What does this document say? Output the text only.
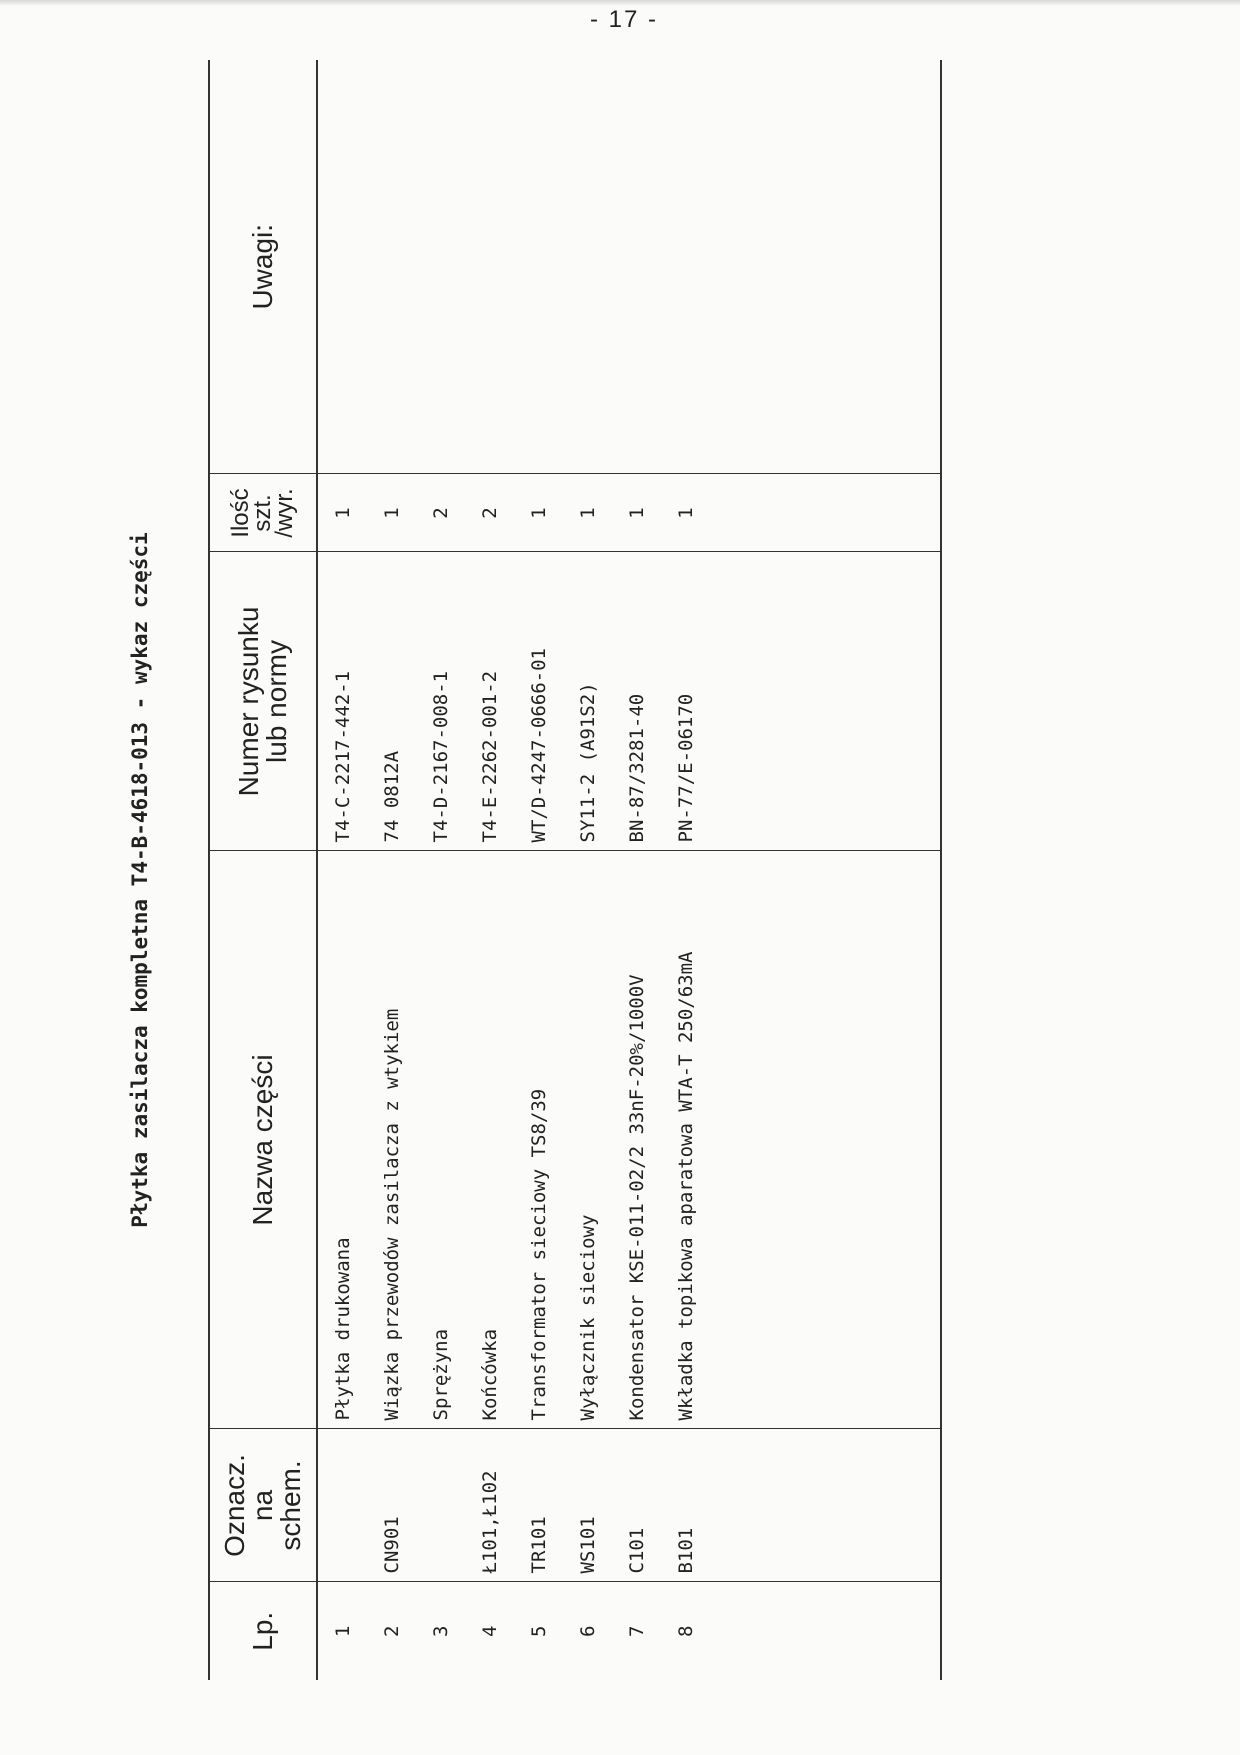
- 17 -
Płytka zasilacza kompletna T4-B-4618-013 - wykaz części
Lp.	Oznacz.
na
schem.	Nazwa części	Numer rysunku
lub normy	Ilość
szt.
/wyr.	Uwagi:
1		Płytka drukowana	T4-C-2217-442-1	1	
2	CN901	Wiązka przewodów zasilacza z wtykiem	74 0812A	1	
3		Sprężyna	T4-D-2167-008-1	2	
4	Ł101,Ł102	Końcówka	T4-E-2262-001-2	2	
5	TR101	Transformator sieciowy TS8/39	WT/D-4247-0666-01	1	
6	WS101	Wyłącznik sieciowy	SY11-2 (A91S2)	1	
7	C101	Kondensator KSE-011-02/2 33nF-20%/1000V	BN-87/3281-40	1	
8	B101	Wkładka topikowa aparatowa WTA-T 250/63mA	PN-77/E-06170	1	
